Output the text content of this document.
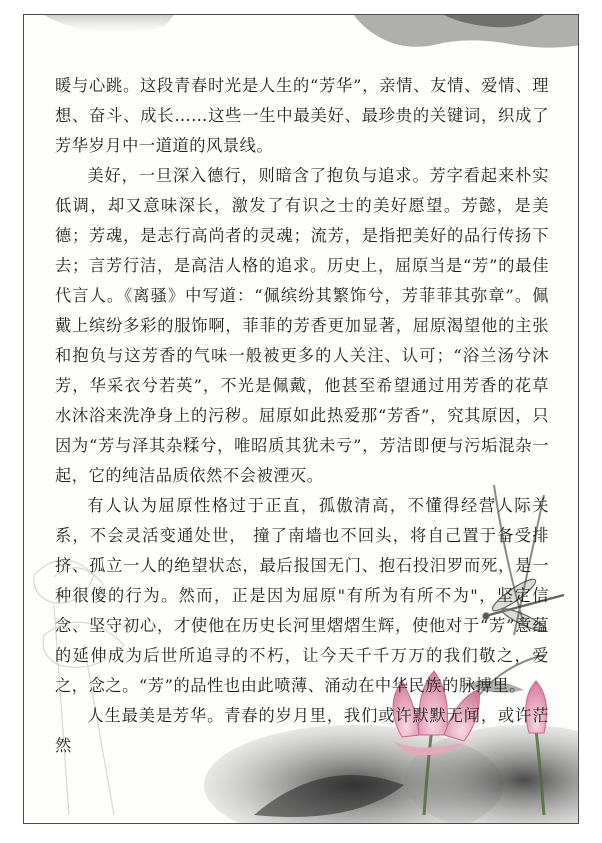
暖与心跳。这段青春时光是人生的“芳华”，亲情、友情、爱情、理想、奋斗、成长……这些一生中最美好、最珍贵的关键词，织成了芳华岁月中一道道的风景线。

美好，一旦深入德行，则暗含了抱负与追求。芳字看起来朴实低调，却又意味深长，激发了有识之士的美好愿望。芳懿，是美德；芳魂，是志行高尚者的灵魂；流芳，是指把美好的品行传扬下去；言芳行洁，是高洁人格的追求。历史上，屈原当是“芳”的最佳代言人。《离骚》中写道：“佩缤纷其繁饰兮，芳菲菲其弥章”。佩戴上缤纷多彩的服饰啊，菲菲的芳香更加显著，屈原渴望他的主张和抱负与这芳香的气味一般被更多的人关注、认可；“浴兰汤兮沐芳，华采衣兮若英”，不光是佩戴，他甚至希望通过用芳香的花草水沐浴来洗净身上的污秽。屈原如此热爱那“芳香”，究其原因，只因为“芳与泽其杂糅兮，唯昭质其犹未亏”，芳洁即便与污垢混杂一起，它的纯洁品质依然不会被湮灭。

有人认为屈原性格过于正直，孤傲清高，不懂得经营人际关系，不会灵活变通处世， 撞了南墙也不回头，将自己置于备受排挤、孤立一人的绝望状态，最后报国无门、抱石投汨罗而死，是一种很傻的行为。然而，正是因为屈原"有所为有所不为"，坚定信念、坚守初心，才使他在历史长河里熠熠生辉，使他对于“芳”意蕴的延伸成为后世所追寻的不朽，让今天千千万万的我们敬之，爱之，念之。“芳”的品性也由此喷薄、涌动在中华民族的脉搏里。

人生最美是芳华。青春的岁月里，我们或许默默无闻，或许茫然
